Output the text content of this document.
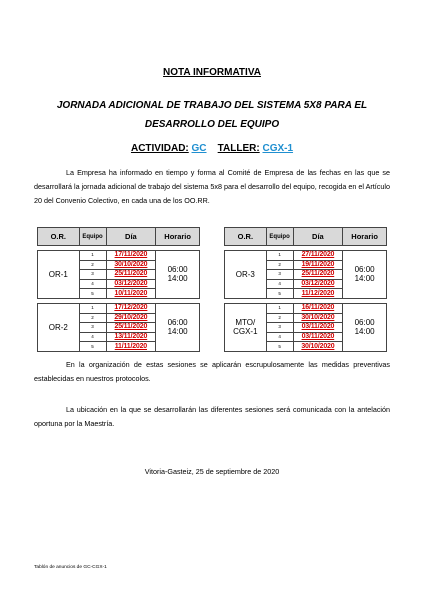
NOTA INFORMATIVA
JORNADA ADICIONAL DE TRABAJO DEL SISTEMA 5X8 PARA EL DESARROLLO DEL EQUIPO
ACTIVIDAD: GC TALLER: CGX-1
La Empresa ha informado en tiempo y forma al Comité de Empresa de las fechas en las que se desarrollará la jornada adicional de trabajo del sistema 5x8 para el desarrollo del equipo, recogida en el Artículo 20 del Convenio Colectivo, en cada una de los OO.RR.
O.R.	Equipo	Día	Horario

OR-1	1	17/11/2020	06:00
14:00

	2	30/10/2020	
	3	25/11/2020	
	4	03/12/2020	
	5	10/11/2020	

OR-2	1	17/12/2020	06:00
14:00

	2	29/10/2020	
	3	25/11/2020	
	4	13/11/2020	
	5	11/11/2020	
O.R.	Equipo	Día	Horario

OR-3	1	27/11/2020	06:00
14:00

	2	19/11/2020	
	3	25/11/2020	
	4	03/12/2020	
	5	11/12/2020	

MTO/ CGX-1	1	16/11/2020	06:00
14:00

	2	30/10/2020	
	3	03/11/2020	
	4	03/11/2020	
	5	30/10/2020	
En la organización de estas sesiones se aplicarán escrupulosamente las medidas preventivas establecidas en nuestros protocolos.
La ubicación en la que se desarrollarán las diferentes sesiones será comunicada con la antelación oportuna por la Maestría.
Vitoria-Gasteiz, 25 de septiembre de 2020
Tablón de anuncios de GC-CGX-1
